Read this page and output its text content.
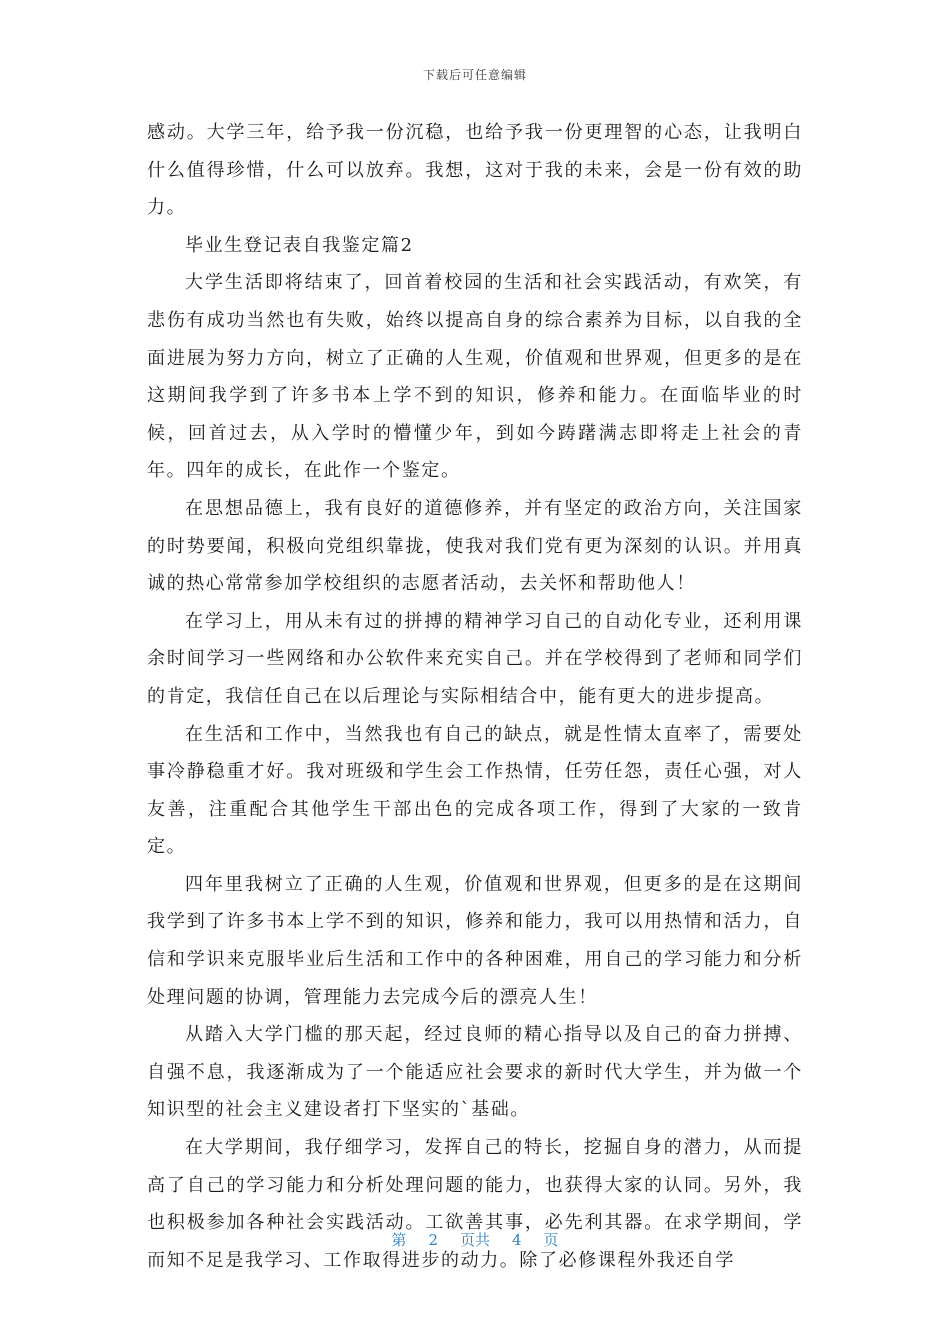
下载后可任意编辑

感动。大学三年，给予我一份沉稳，也给予我一份更理智的心态，让我明白什么值得珍惜，什么可以放弃。我想，这对于我的未来，会是一份有效的助力。

毕业生登记表自我鉴定篇2

大学生活即将结束了，回首着校园的生活和社会实践活动，有欢笑，有悲伤有成功当然也有失败，始终以提高自身的综合素养为目标，以自我的全面进展为努力方向，树立了正确的人生观，价值观和世界观，但更多的是在这期间我学到了许多书本上学不到的知识，修养和能力。在面临毕业的时候，回首过去，从入学时的懵懂少年，到如今踌躇满志即将走上社会的青年。四年的成长，在此作一个鉴定。

在思想品德上，我有良好的道德修养，并有坚定的政治方向，关注国家的时势要闻，积极向党组织靠拢，使我对我们党有更为深刻的认识。并用真诚的热心常常参加学校组织的志愿者活动，去关怀和帮助他人！

在学习上，用从未有过的拼搏的精神学习自己的自动化专业，还利用课余时间学习一些网络和办公软件来充实自己。并在学校得到了老师和同学们的肯定，我信任自己在以后理论与实际相结合中，能有更大的进步提高。

在生活和工作中，当然我也有自己的缺点，就是性情太直率了，需要处事冷静稳重才好。我对班级和学生会工作热情，任劳任怨，责任心强，对人友善，注重配合其他学生干部出色的完成各项工作，得到了大家的一致肯定。

四年里我树立了正确的人生观，价值观和世界观，但更多的是在这期间我学到了许多书本上学不到的知识，修养和能力，我可以用热情和活力，自信和学识来克服毕业后生活和工作中的各种困难，用自己的学习能力和分析处理问题的协调，管理能力去完成今后的漂亮人生！

从踏入大学门槛的那天起，经过良师的精心指导以及自己的奋力拼搏、自强不息，我逐渐成为了一个能适应社会要求的新时代大学生，并为做一个知识型的社会主义建设者打下坚实的`基础。

在大学期间，我仔细学习，发挥自己的特长，挖掘自身的潜力，从而提高了自己的学习能力和分析处理问题的能力，也获得大家的认同。另外，我也积极参加各种社会实践活动。工欲善其事，必先利其器。在求学期间，学而知不足是我学习、工作取得进步的动力。除了必修课程外我还自学

第 2 页共 4 页
